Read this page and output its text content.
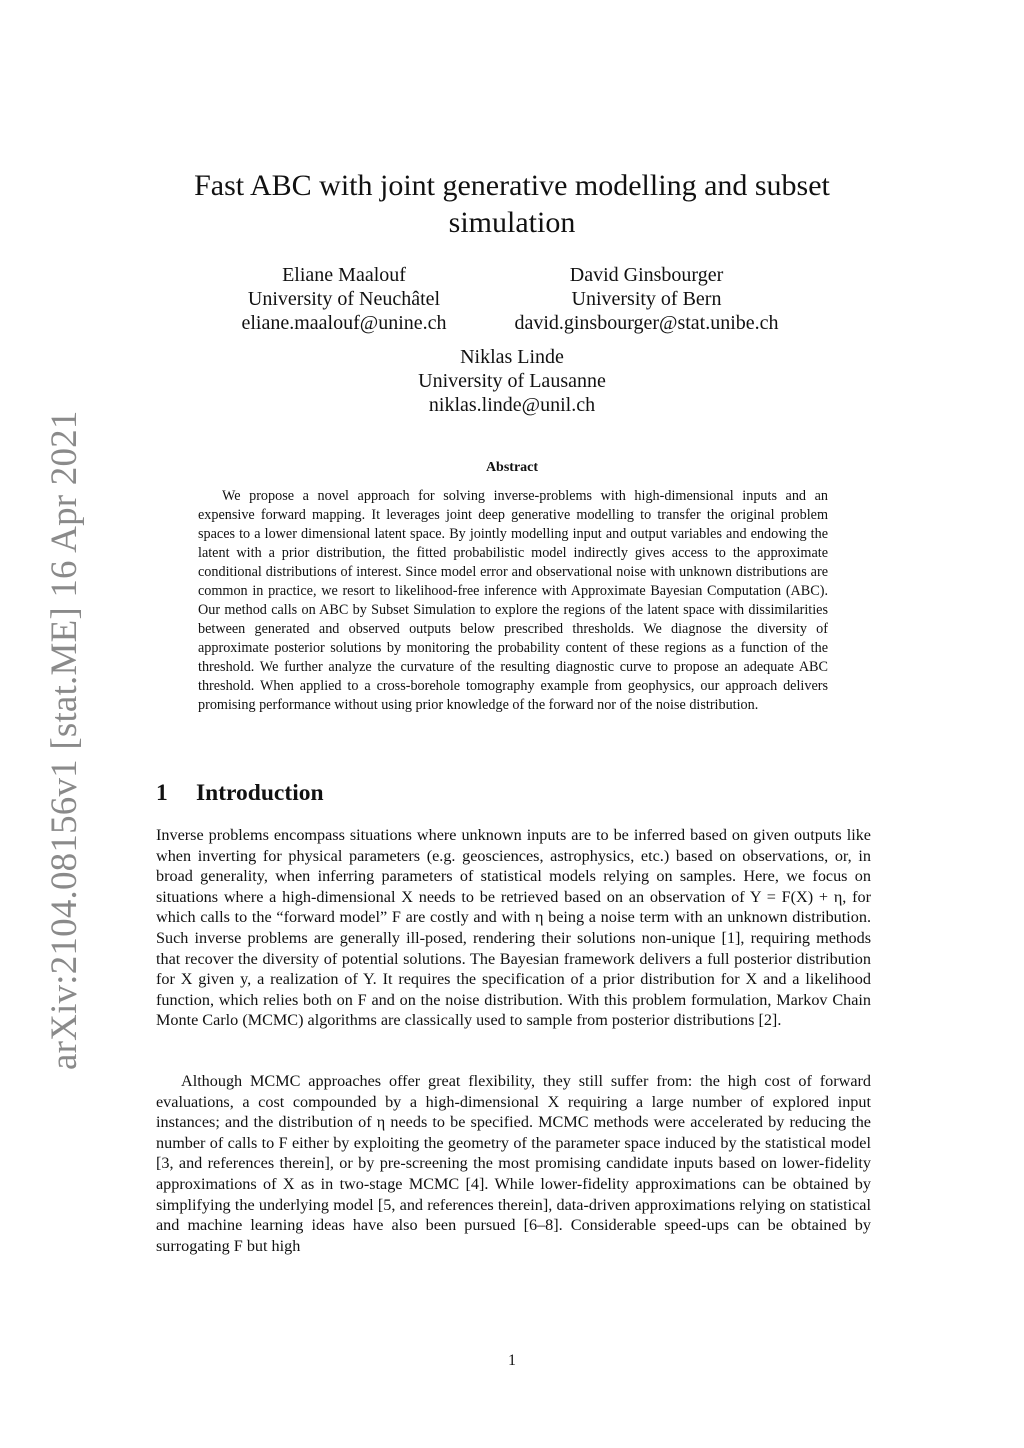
arXiv:2104.08156v1 [stat.ME] 16 Apr 2021
Fast ABC with joint generative modelling and subset simulation
Eliane Maalouf
University of Neuchâtel
eliane.maalouf@unine.ch
David Ginsbourger
University of Bern
david.ginsbourger@stat.unibe.ch
Niklas Linde
University of Lausanne
niklas.linde@unil.ch
Abstract

We propose a novel approach for solving inverse-problems with high-dimensional inputs and an expensive forward mapping. It leverages joint deep generative modelling to transfer the original problem spaces to a lower dimensional latent space. By jointly modelling input and output variables and endowing the latent with a prior distribution, the fitted probabilistic model indirectly gives access to the approximate conditional distributions of interest. Since model error and observational noise with unknown distributions are common in practice, we resort to likelihood-free inference with Approximate Bayesian Computation (ABC). Our method calls on ABC by Subset Simulation to explore the regions of the latent space with dissimilarities between generated and observed outputs below prescribed thresholds. We diagnose the diversity of approximate posterior solutions by monitoring the probability content of these regions as a function of the threshold. We further analyze the curvature of the resulting diagnostic curve to propose an adequate ABC threshold. When applied to a cross-borehole tomography example from geophysics, our approach delivers promising performance without using prior knowledge of the forward nor of the noise distribution.

1 Introduction

Inverse problems encompass situations where unknown inputs are to be inferred based on given outputs like when inverting for physical parameters (e.g. geosciences, astrophysics, etc.) based on observations, or, in broad generality, when inferring parameters of statistical models relying on samples. Here, we focus on situations where a high-dimensional X needs to be retrieved based on an observation of Y = F(X) + η, for which calls to the “forward model” F are costly and with η being a noise term with an unknown distribution. Such inverse problems are generally ill-posed, rendering their solutions non-unique [1], requiring methods that recover the diversity of potential solutions. The Bayesian framework delivers a full posterior distribution for X given y, a realization of Y. It requires the specification of a prior distribution for X and a likelihood function, which relies both on F and on the noise distribution. With this problem formulation, Markov Chain Monte Carlo (MCMC) algorithms are classically used to sample from posterior distributions [2].

Although MCMC approaches offer great flexibility, they still suffer from: the high cost of forward evaluations, a cost compounded by a high-dimensional X requiring a large number of explored input instances; and the distribution of η needs to be specified. MCMC methods were accelerated by reducing the number of calls to F either by exploiting the geometry of the parameter space induced by the statistical model [3, and references therein], or by pre-screening the most promising candidate inputs based on lower-fidelity approximations of X as in two-stage MCMC [4]. While lower-fidelity approximations can be obtained by simplifying the underlying model [5, and references therein], data-driven approximations relying on statistical and machine learning ideas have also been pursued [6–8]. Considerable speed-ups can be obtained by surrogating F but high

1
